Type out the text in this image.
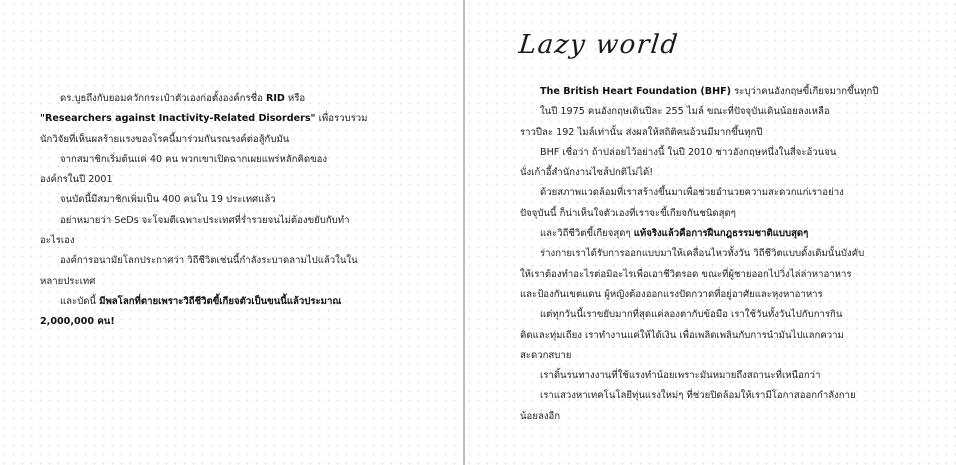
Lazy world

ดร.บูธถึงกับยอมควักกระเป๋าตัวเองก่อตั้งองค์กรชื่อ RID หรือ

"Researchers against Inactivity-Related Disorders" เพื่อรวบรวม

นักวิจัยที่เห็นผลร้ายแรงของโรคนี้มาร่วมกันรณรงค์ต่อสู้กับมัน

จากสมาชิกเริ่มต้นแค่ 40 คน พวกเขาเปิดฉากเผยแพร่หลักคิดของ

องค์กรในปี 2001

จนบัดนี้มีสมาชิกเพิ่มเป็น 400 คนใน 19 ประเทศแล้ว

อย่าหมายว่า SeDs จะโจมตีเฉพาะประเทศที่ร่ำรวยจนไม่ต้องขยับกับทำ

อะไรเอง

องค์การอนามัยโลกประกาศว่า วิถีชีวิตเช่นนี้กำลังระบาดลามไปแล้วในใน

หลายประเทศ

และบัดนี้ มีพลโลกที่ตายเพราะวิถีชีวิตขี้เกียจตัวเป็นขนนี้แล้วประมาณ

2,000,000 คน!

The British Heart Foundation (BHF) ระบุว่าคนอังกฤษขี้เกียจมากขึ้นทุกปี

ในปี 1975 คนอังกฤษเดินปีละ 255 ไมล์ ขณะที่ปัจจุบันเดินน้อยลงเหลือ

ราวปีละ 192 ไมล์เท่านั้น ส่งผลให้สถิติคนอ้วนมีมากขึ้นทุกปี

BHF เชื่อว่า ถ้าปล่อยไว้อย่างนี้ ในปี 2010 ชาวอังกฤษหนึ่งในสี่จะอ้วนจน

นั่งเก้าอี้สำนักงานไซส์ปกติไม่ได้!

ด้วยสภาพแวดล้อมที่เราสร้างขึ้นมาเพื่อช่วยอำนวยความสะดวกแก่เราอย่าง

ปัจจุบันนี้ ก็น่าเห็นใจตัวเองที่เราจะขี้เกียจกันชนิดสุดๆ

และวิถีชีวิตขี้เกียจสุดๆ แท้จริงแล้วคือการฝืนกฎธรรมชาติแบบสุดๆ

ร่างกายเราได้รับการออกแบบมาให้เคลื่อนไหวทั้งวัน วิถีชีวิตแบบดั้งเดิมนั้นบังคับ

ให้เราต้องทำอะไรต่อมิอะไรเพื่อเอาชีวิตรอด ขณะที่ผู้ชายออกไปวิ่งไล่ล่าหาอาหาร

และป้องกันเขตแดน ผู้หญิงต้องออกแรงปัดกวาดที่อยู่อาศัยและหุงหาอาหาร

แต่ทุกวันนี้เราขยับมากที่สุดแค่ลองตากับข้อมือ เราใช้วันทั้งวันไปกับการกิน

คิดและทุ่มเถียง เราทำงานแค่ให้ได้เงิน เพื่อเพลิดเพลินกับการนำมันไปแลกความ

สะดวกสบาย

เราดิ้นรนทางงานที่ใช้แรงทำน้อยเพราะมันหมายถึงสถานะที่เหนือกว่า

เราแสวงหาเทคโนโลยีทุ่นแรงใหม่ๆ ที่ช่วยปิดล้อมให้เรามีโอกาสออกกำลังกาย

น้อยลงอีก
